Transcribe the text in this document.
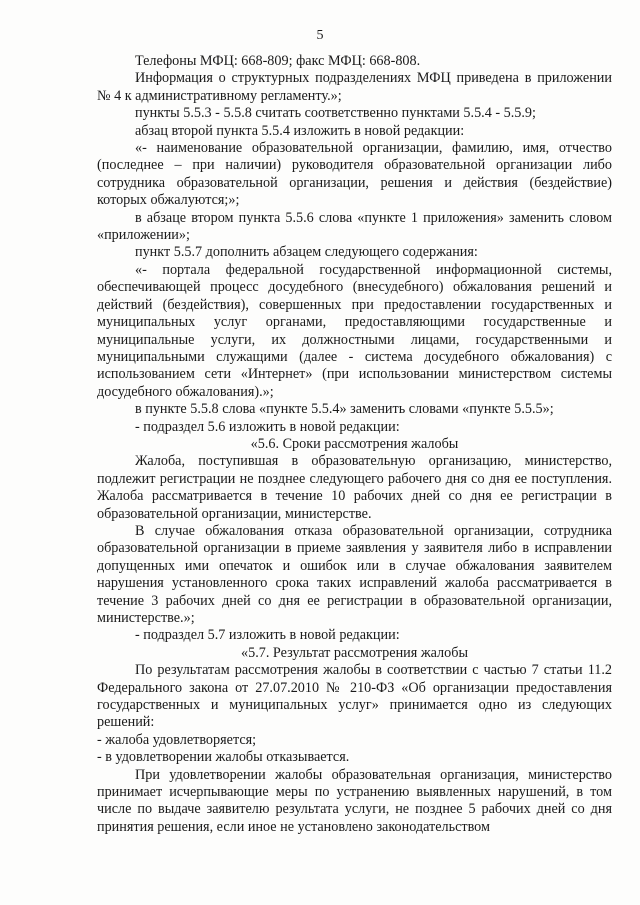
5

Телефоны МФЦ: 668-809; факс МФЦ: 668-808.

Информация о структурных подразделениях МФЦ приведена в приложении № 4 к административному регламенту.»;

пункты 5.5.3 - 5.5.8 считать соответственно пунктами 5.5.4 - 5.5.9;

абзац второй пункта 5.5.4 изложить в новой редакции:

«- наименование образовательной организации, фамилию, имя, отчество (последнее – при наличии) руководителя образовательной организации либо сотрудника образовательной организации, решения и действия (бездействие) которых обжалуются;»;

в абзаце втором пункта 5.5.6 слова «пункте 1 приложения» заменить словом «приложении»;

пункт 5.5.7 дополнить абзацем следующего содержания:

«- портала федеральной государственной информационной системы, обеспечивающей процесс досудебного (внесудебного) обжалования решений и действий (бездействия), совершенных при предоставлении государственных и муниципальных услуг органами, предоставляющими государственные и муниципальные услуги, их должностными лицами, государственными и муниципальными служащими (далее - система досудебного обжалования) с использованием сети «Интернет» (при использовании министерством системы досудебного обжалования).»;

в пункте 5.5.8 слова «пункте 5.5.4» заменить словами «пункте 5.5.5»;

- подраздел 5.6 изложить в новой редакции:

«5.6. Сроки рассмотрения жалобы

Жалоба, поступившая в образовательную организацию, министерство, подлежит регистрации не позднее следующего рабочего дня со дня ее поступления. Жалоба рассматривается в течение 10 рабочих дней со дня ее регистрации в образовательной организации, министерстве.

В случае обжалования отказа образовательной организации, сотрудника образовательной организации в приеме заявления у заявителя либо в исправлении допущенных ими опечаток и ошибок или в случае обжалования заявителем нарушения установленного срока таких исправлений жалоба рассматривается в течение 3 рабочих дней со дня ее регистрации в образовательной организации, министерстве.»;

- подраздел 5.7 изложить в новой редакции:

«5.7. Результат рассмотрения жалобы

По результатам рассмотрения жалобы в соответствии с частью 7 статьи 11.2 Федерального закона от 27.07.2010 № 210-ФЗ «Об организации предоставления государственных и муниципальных услуг» принимается одно из следующих решений:

- жалоба удовлетворяется;

- в удовлетворении жалобы отказывается.

При удовлетворении жалобы образовательная организация, министерство принимает исчерпывающие меры по устранению выявленных нарушений, в том числе по выдаче заявителю результата услуги, не позднее 5 рабочих дней со дня принятия решения, если иное не установлено законодательством
